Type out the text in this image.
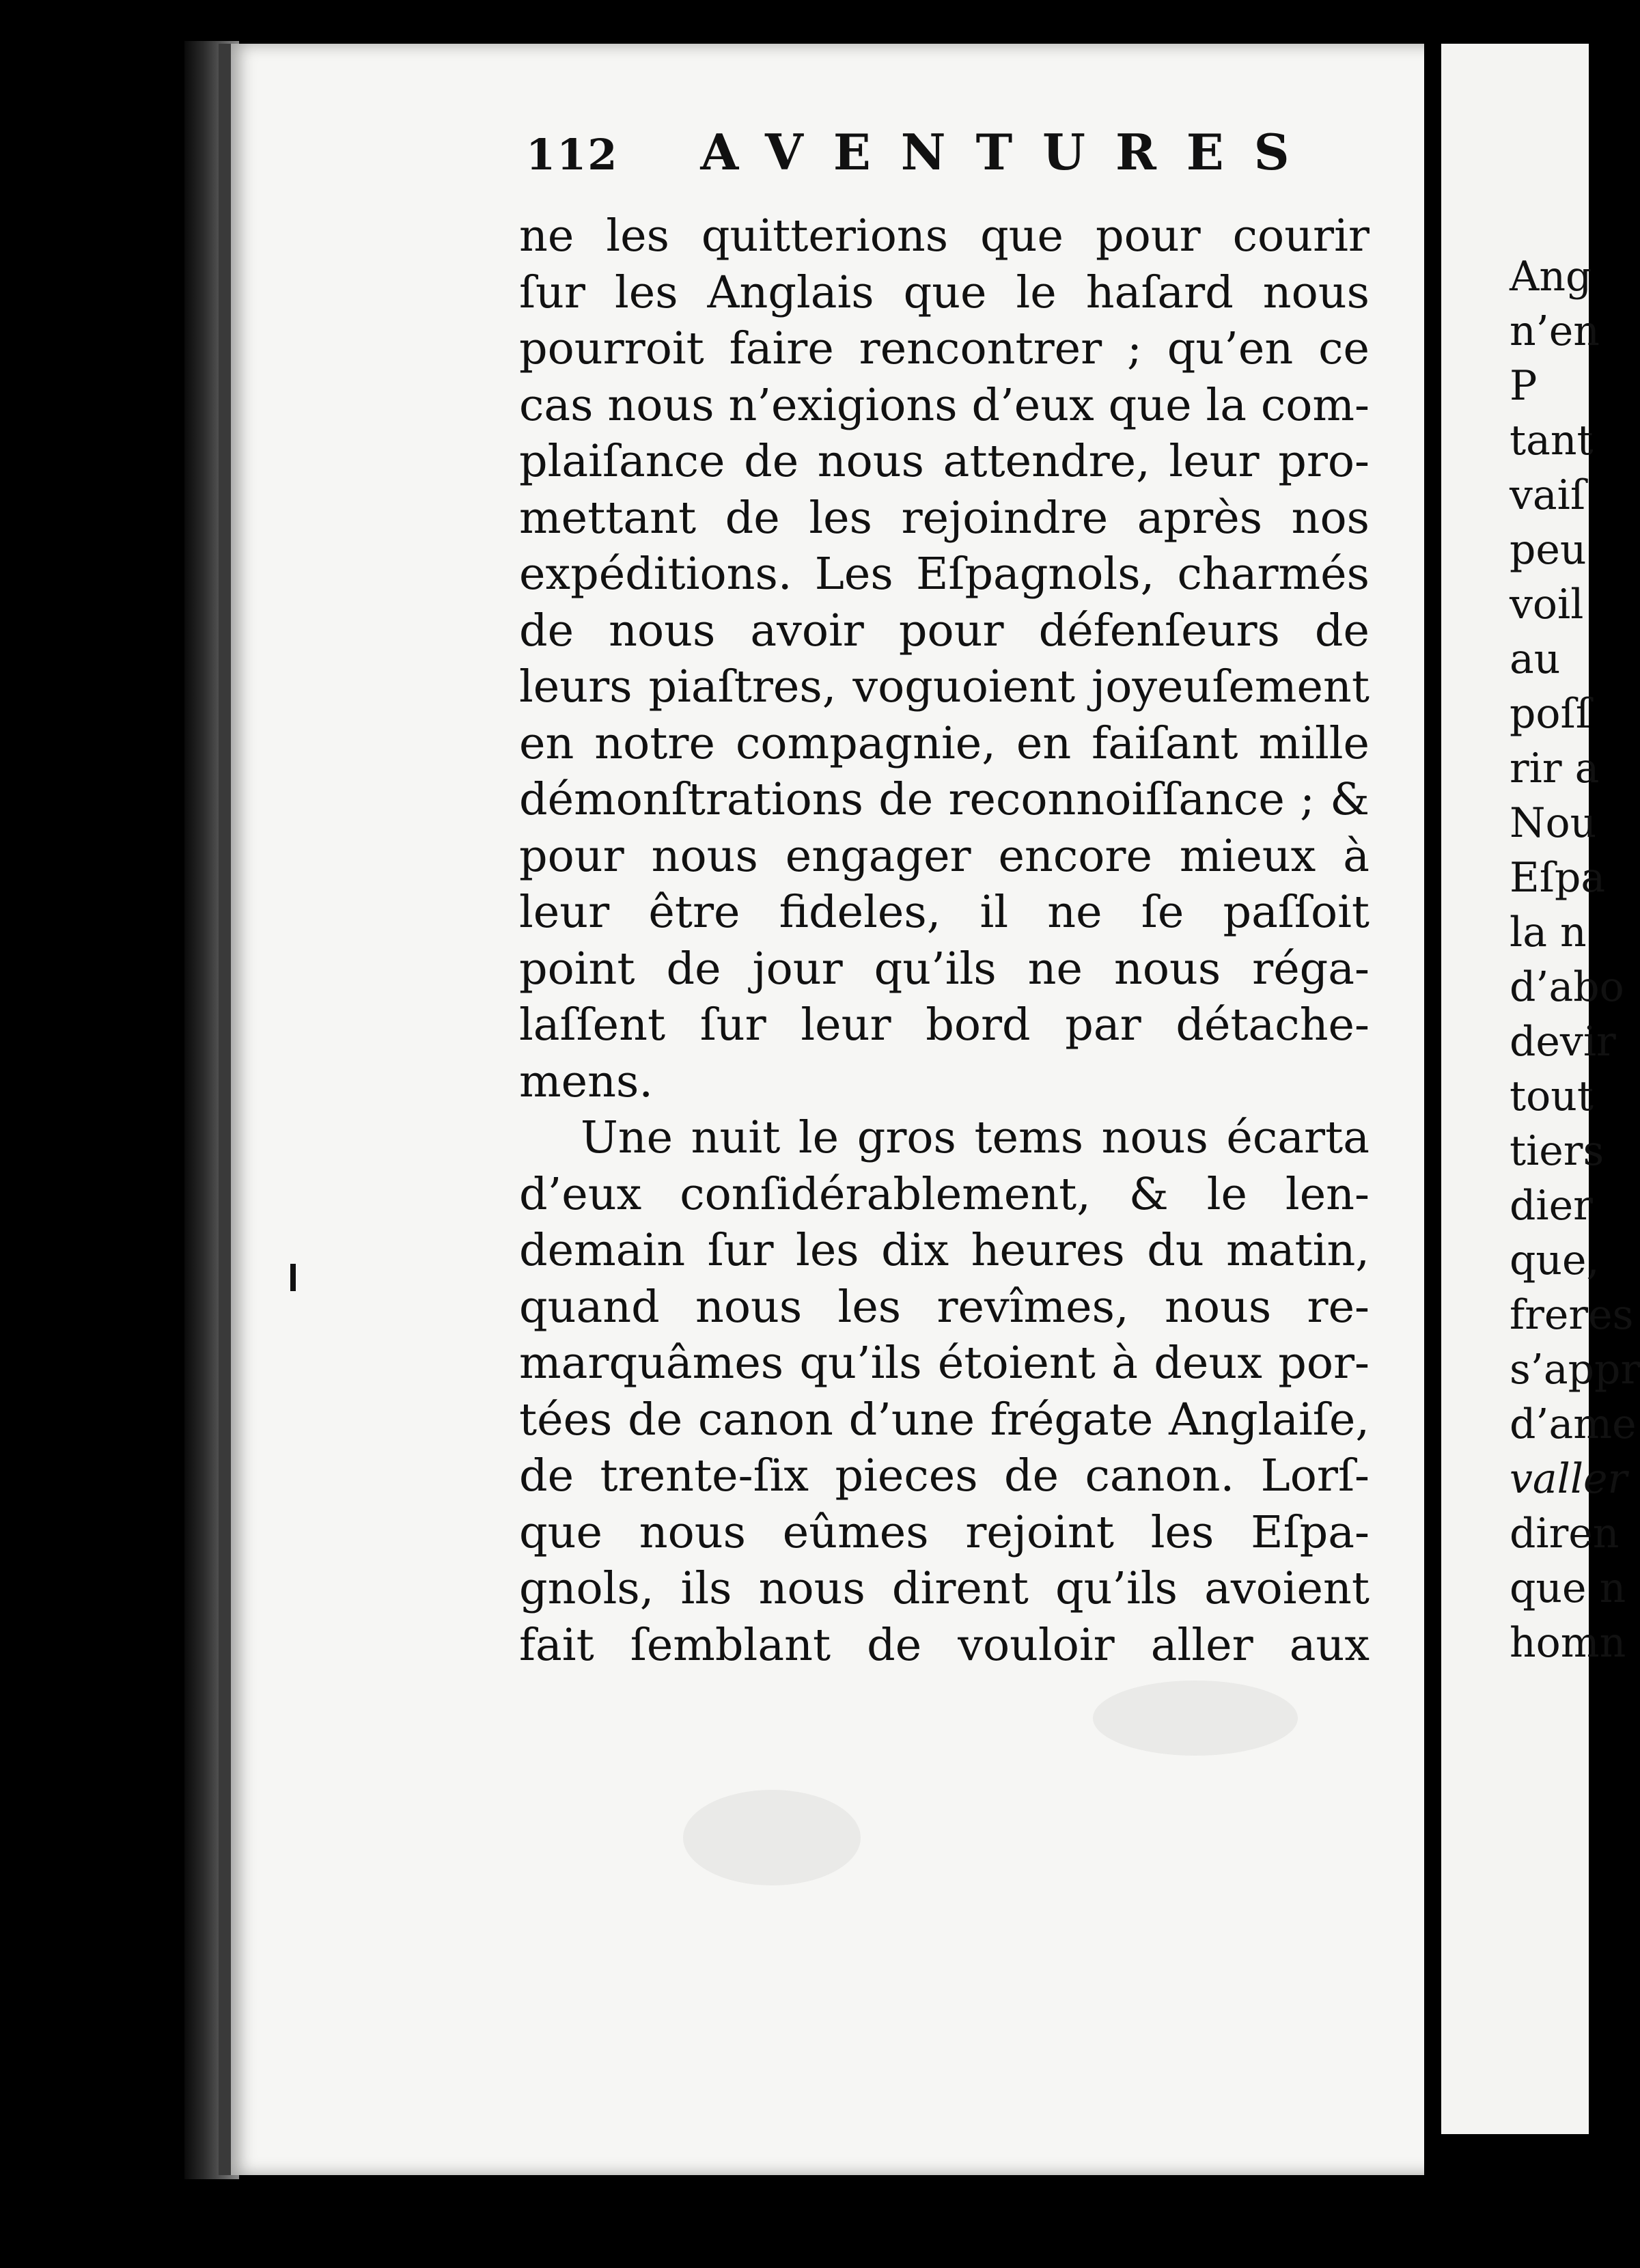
112 AVENTURES
ne les quitterions que pour courir
ſur les Anglais que le haſard nous
pourroit faire rencontrer ; qu’en ce
cas nous n’exigions d’eux que la com-
plaiſance de nous attendre, leur pro-
mettant de les rejoindre après nos
expéditions. Les Eſpagnols, charmés
de nous avoir pour défenſeurs de
leurs piaſtres, voguoient joyeuſement
en notre compagnie, en faiſant mille
démonſtrations de reconnoiſſance ; &
pour nous engager encore mieux à
leur être fideles, il ne ſe paſſoit
point de jour qu’ils ne nous réga-
laſſent ſur leur bord par détache-
mens.
Une nuit le gros tems nous écarta
d’eux conſidérablement, & le len-
demain ſur les dix heures du matin,
quand nous les revîmes, nous re-
marquâmes qu’ils étoient à deux por-
tées de canon d’une frégate Anglaiſe,
de trente-ſix pieces de canon. Lorſ-
que nous eûmes rejoint les Eſpa-
gnols, ils nous dirent qu’ils avoient
fait ſemblant de vouloir aller aux
Ang
n’en
P
tant
vaiſ
peu
voil
au
poſſ
rir a
Nou
Eſpa
la n
d’abo
devir
tout
tiers
dier
que,
freres
s’appr
d’ame
valler
diren
que n
homn
